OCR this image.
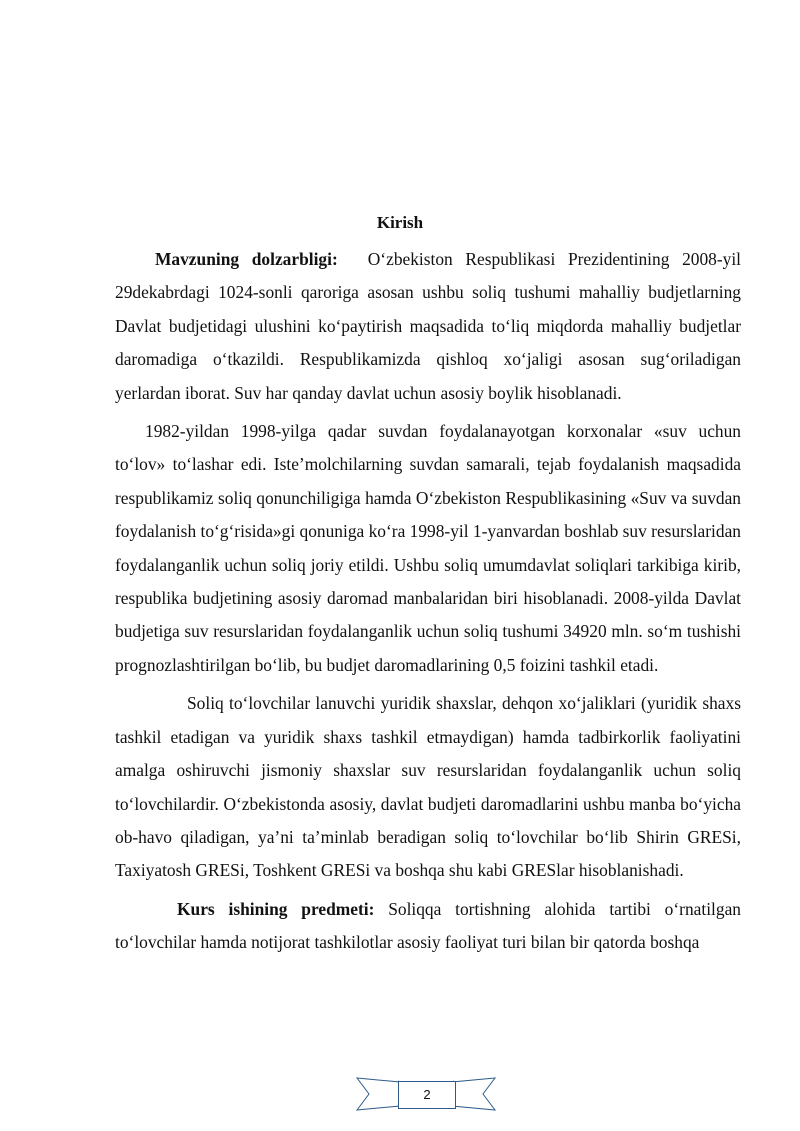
Kirish

Mavzuning dolzarbligi: O‘zbekiston Respublikasi Prezidentining 2008-yil 29dekabrdagi 1024-sonli qaroriga asosan ushbu soliq tushumi mahalliy budjetlarning Davlat budjetidagi ulushini ko‘paytirish maqsadida to‘liq miqdorda mahalliy budjetlar daromadiga o‘tkazildi. Respublikamizda qishloq xo‘jaligi asosan sug‘oriladigan yerlardan iborat. Suv har qanday davlat uchun asosiy boylik hisoblanadi.

1982-yildan 1998-yilga qadar suvdan foydalanayotgan korxonalar «suv uchun to‘lov» to‘lashar edi. Iste’molchilarning suvdan samarali, tejab foydalanish maqsadida respublikamiz soliq qonunchiligiga hamda O‘zbekiston Respublikasining «Suv va suvdan foydalanish to‘g‘risida»gi qonuniga ko‘ra 1998-yil 1-yanvardan boshlab suv resurslaridan foydalanganlik uchun soliq joriy etildi. Ushbu soliq umumdavlat soliqlari tarkibiga kirib, respublika budjetining asosiy daromad manbalaridan biri hisoblanadi. 2008-yilda Davlat budjetiga suv resurslaridan foydalanganlik uchun soliq tushumi 34920 mln. so‘m tushishi prognozlashtirilgan bo‘lib, bu budjet daromadlarining 0,5 foizini tashkil etadi.

Soliq to‘lovchilar lanuvchi yuridik shaxslar, dehqon xo‘jaliklari (yuridik shaxs tashkil etadigan va yuridik shaxs tashkil etmaydigan) hamda tadbirkorlik faoliyatini amalga oshiruvchi jismoniy shaxslar suv resurslaridan foydalanganlik uchun soliq to‘lovchilardir. O‘zbekistonda asosiy, davlat budjeti daromadlarini ushbu manba bo‘yicha ob-havo qiladigan, ya’ni ta’minlab beradigan soliq to‘lovchilar bo‘lib Shirin GRESi, Taxiyatosh GRESi, Toshkent GRESi va boshqa shu kabi GRESlar hisoblanishadi.

Kurs ishining predmeti: Soliqqa tortishning alohida tartibi o‘rnatilgan to‘lovchilar hamda notijorat tashkilotlar asosiy faoliyat turi bilan bir qatorda boshqa

2
